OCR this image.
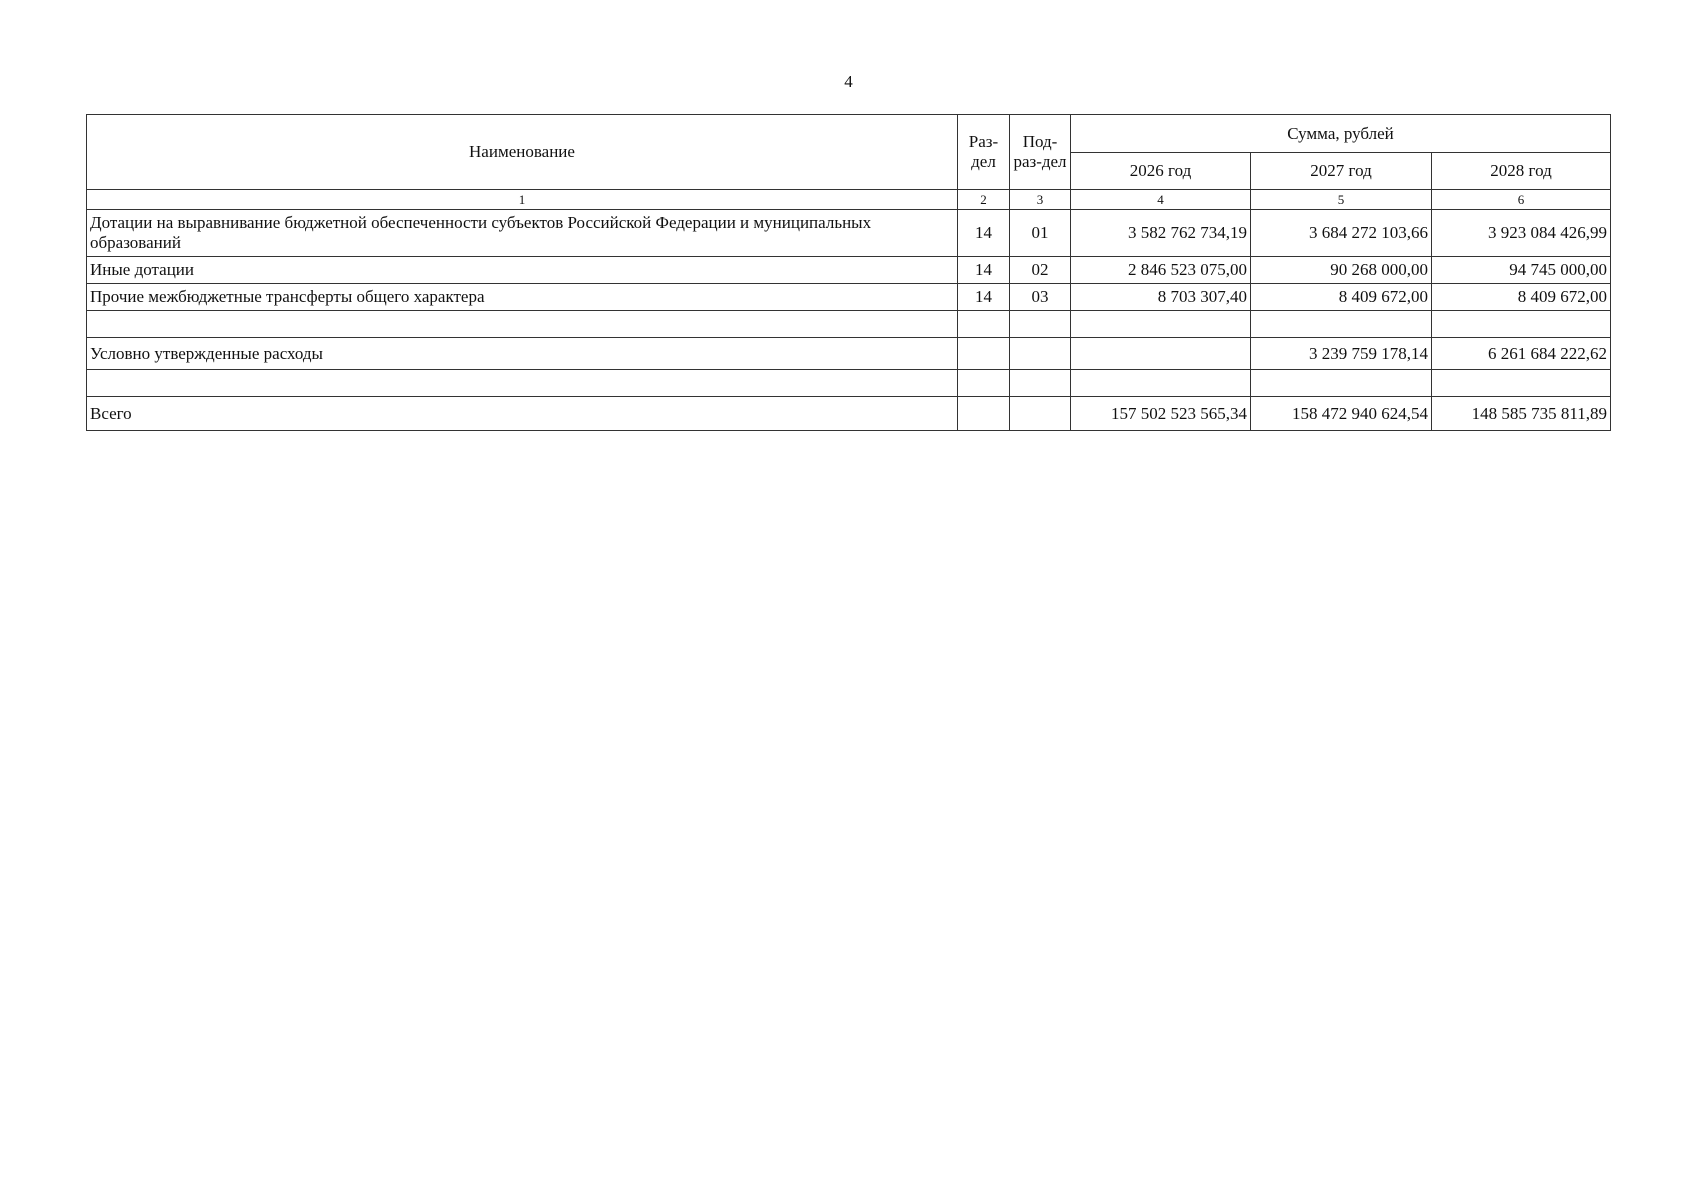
4
Наименование	Раз-дел	Под-раз-дел	Сумма, рублей		
			2026 год	2027 год	2028 год
1	2	3	4	5	6
Дотации на выравнивание бюджетной обеспеченности субъектов Российской Федерации и муниципальных образований	14	01	3 582 762 734,19	3 684 272 103,66	3 923 084 426,99
Иные дотации	14	02	2 846 523 075,00	90 268 000,00	94 745 000,00
Прочие межбюджетные трансферты общего характера	14	03	8 703 307,40	8 409 672,00	8 409 672,00

Условно утвержденные расходы				3 239 759 178,14	6 261 684 222,62

Всего			157 502 523 565,34	158 472 940 624,54	148 585 735 811,89
